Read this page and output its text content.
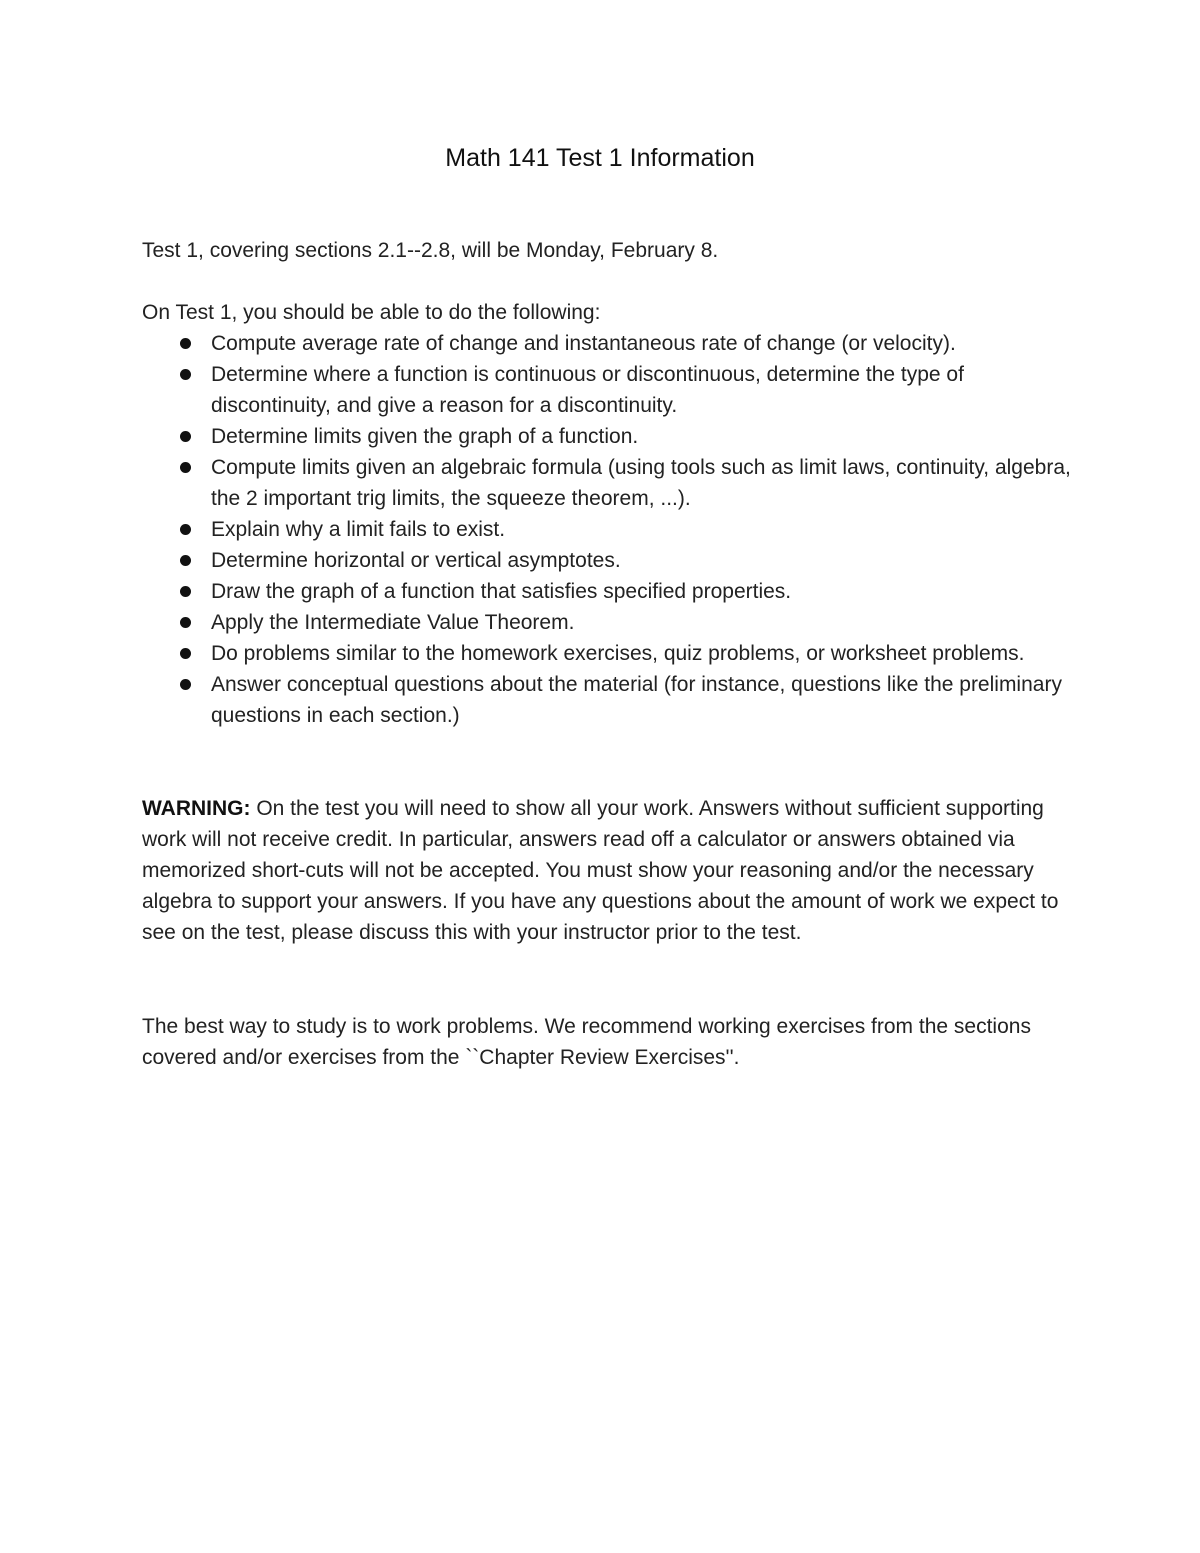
Math 141 Test 1 Information
Test 1, covering sections 2.1--2.8, will be Monday, February 8.
On Test 1, you should be able to do the following:
Compute average rate of change and instantaneous rate of change (or velocity).
Determine where a function is continuous or discontinuous, determine the type of discontinuity, and give a reason for a discontinuity.
Determine limits given the graph of a function.
Compute limits given an algebraic formula (using tools such as limit laws, continuity, algebra, the 2 important trig limits, the squeeze theorem, ...).
Explain why a limit fails to exist.
Determine horizontal or vertical asymptotes.
Draw the graph of a function that satisfies specified properties.
Apply the Intermediate Value Theorem.
Do problems similar to the homework exercises, quiz problems, or worksheet problems.
Answer conceptual questions about the material (for instance, questions like the preliminary questions in each section.)
WARNING: On the test you will need to show all your work. Answers without sufficient supporting work will not receive credit. In particular, answers read off a calculator or answers obtained via memorized short-cuts will not be accepted. You must show your reasoning and/or the necessary algebra to support your answers. If you have any questions about the amount of work we expect to see on the test, please discuss this with your instructor prior to the test.
The best way to study is to work problems. We recommend working exercises from the sections covered and/or exercises from the ``Chapter Review Exercises''.
